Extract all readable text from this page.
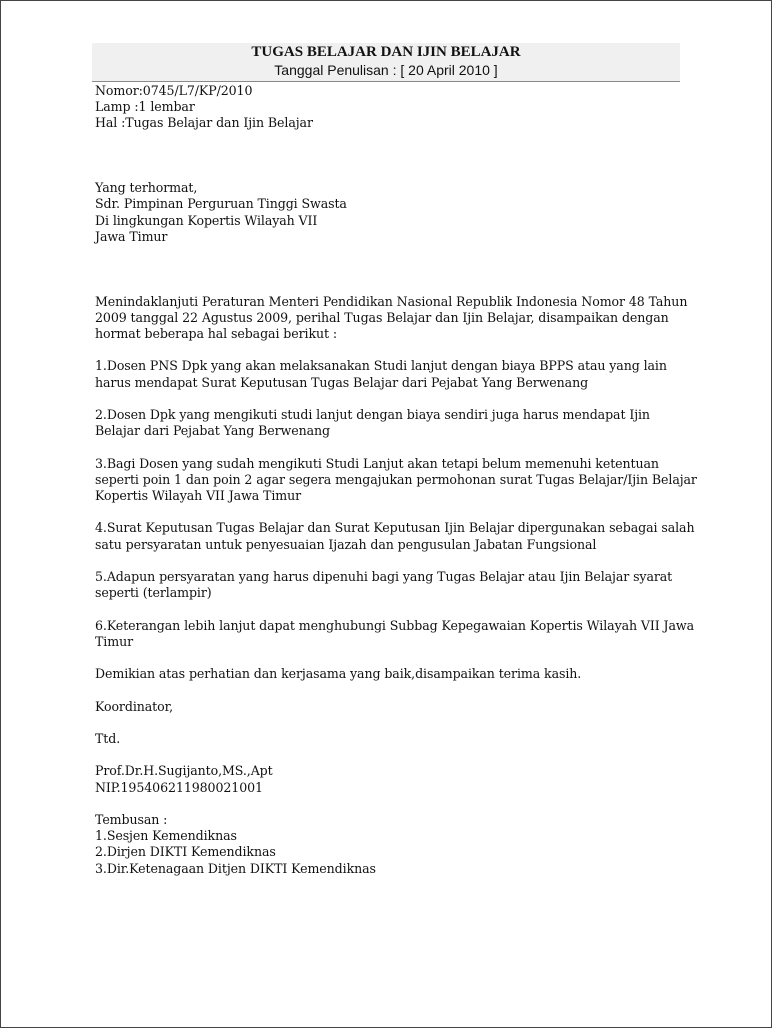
TUGAS BELAJAR DAN IJIN BELAJAR
Tanggal Penulisan : [ 20 April 2010 ]
Nomor:0745/L7/KP/2010
Lamp :1 lembar
Hal :Tugas Belajar dan Ijin Belajar
Yang terhormat,
Sdr. Pimpinan Perguruan Tinggi Swasta
Di lingkungan Kopertis Wilayah VII
Jawa Timur
Menindaklanjuti Peraturan Menteri Pendidikan Nasional Republik Indonesia Nomor 48 Tahun
2009 tanggal 22 Agustus 2009, perihal Tugas Belajar dan Ijin Belajar, disampaikan dengan
hormat beberapa hal sebagai berikut :
1.Dosen PNS Dpk yang akan melaksanakan Studi lanjut dengan biaya BPPS atau yang lain
harus mendapat Surat Keputusan Tugas Belajar dari Pejabat Yang Berwenang
2.Dosen Dpk yang mengikuti studi lanjut dengan biaya sendiri juga harus mendapat Ijin
Belajar dari Pejabat Yang Berwenang
3.Bagi Dosen yang sudah mengikuti Studi Lanjut akan tetapi belum memenuhi ketentuan
seperti poin 1 dan poin 2 agar segera mengajukan permohonan surat Tugas Belajar/Ijin Belajar
Kopertis Wilayah VII Jawa Timur
4.Surat Keputusan Tugas Belajar dan Surat Keputusan Ijin Belajar dipergunakan sebagai salah
satu persyaratan untuk penyesuaian Ijazah dan pengusulan Jabatan Fungsional
5.Adapun persyaratan yang harus dipenuhi bagi yang Tugas Belajar atau Ijin Belajar syarat
seperti (terlampir)
6.Keterangan lebih lanjut dapat menghubungi Subbag Kepegawaian Kopertis Wilayah VII Jawa
Timur
Demikian atas perhatian dan kerjasama yang baik,disampaikan terima kasih.
Koordinator,
Ttd.
Prof.Dr.H.Sugijanto,MS.,Apt
NIP.195406211980021001
Tembusan :
1.Sesjen Kemendiknas
2.Dirjen DIKTI Kemendiknas
3.Dir.Ketenagaan Ditjen DIKTI Kemendiknas
